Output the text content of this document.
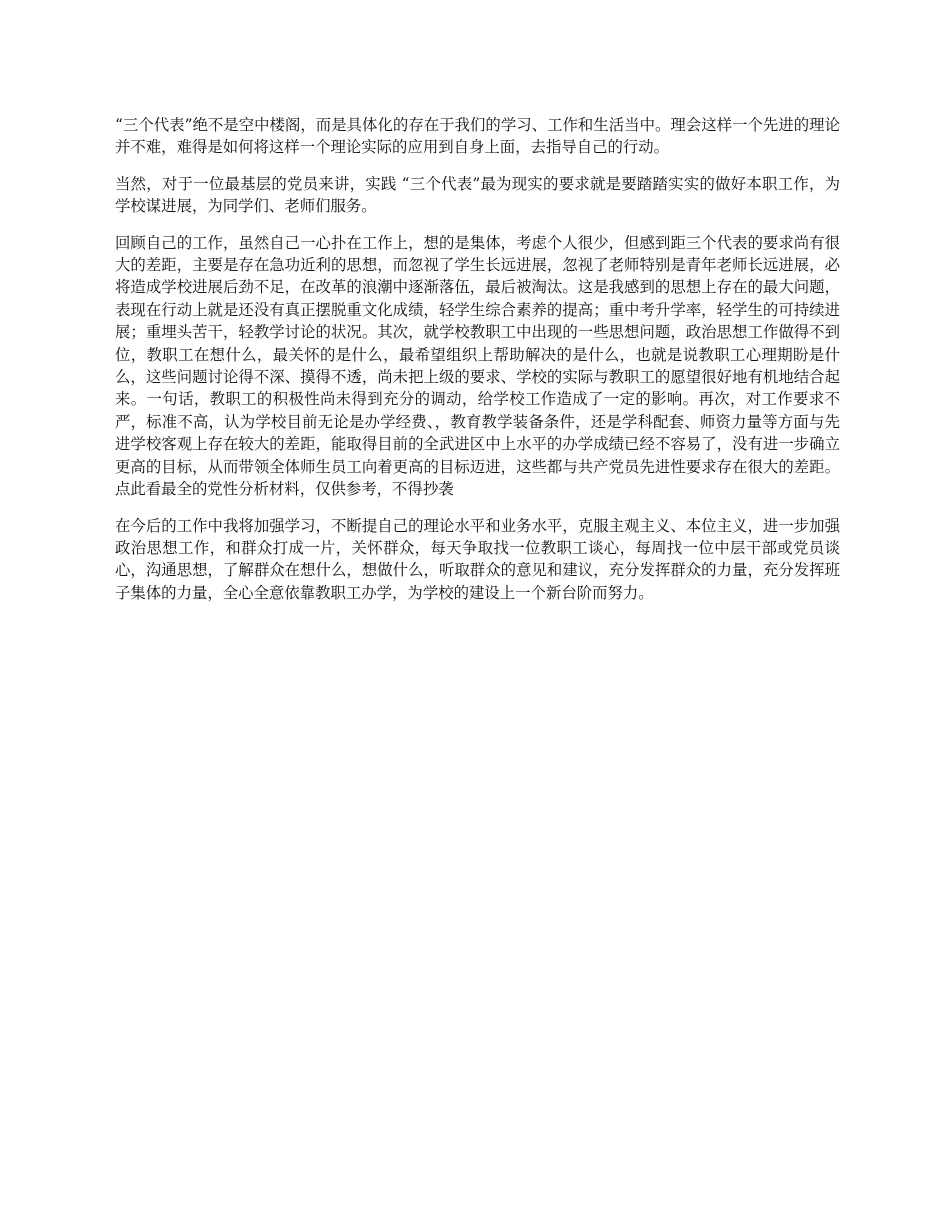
“三个代表”绝不是空中楼阁，而是具体化的存在于我们的学习、工作和生活当中。理会这样一个先进的理论并不难，难得是如何将这样一个理论实际的应用到自身上面，去指导自己的行动。

当然，对于一位最基层的党员来讲，实践 “三个代表”最为现实的要求就是要踏踏实实的做好本职工作，为学校谋进展，为同学们、老师们服务。

回顾自己的工作，虽然自己一心扑在工作上，想的是集体，考虑个人很少，但感到距三个代表的要求尚有很大的差距，主要是存在急功近利的思想，而忽视了学生长远进展，忽视了老师特别是青年老师长远进展，必将造成学校进展后劲不足，在改革的浪潮中逐渐落伍，最后被淘汰。这是我感到的思想上存在的最大问题，表现在行动上就是还没有真正摆脱重文化成绩，轻学生综合素养的提高；重中考升学率，轻学生的可持续进展；重埋头苦干，轻教学讨论的状况。其次，就学校教职工中出现的一些思想问题，政治思想工作做得不到位，教职工在想什么，最关怀的是什么，最希望组织上帮助解决的是什么，也就是说教职工心理期盼是什么，这些问题讨论得不深、摸得不透，尚未把上级的要求、学校的实际与教职工的愿望很好地有机地结合起来。一句话，教职工的积极性尚未得到充分的调动，给学校工作造成了一定的影响。再次，对工作要求不严，标准不高，认为学校目前无论是办学经费、，教育教学装备条件，还是学科配套、师资力量等方面与先进学校客观上存在较大的差距，能取得目前的全武进区中上水平的办学成绩已经不容易了，没有进一步确立更高的目标，从而带领全体师生员工向着更高的目标迈进，这些都与共产党员先进性要求存在很大的差距。点此看最全的党性分析材料，仅供参考，不得抄袭

在今后的工作中我将加强学习，不断提自己的理论水平和业务水平，克服主观主义、本位主义，进一步加强政治思想工作，和群众打成一片，关怀群众，每天争取找一位教职工谈心，每周找一位中层干部或党员谈心，沟通思想，了解群众在想什么，想做什么，听取群众的意见和建议，充分发挥群众的力量，充分发挥班子集体的力量，全心全意依靠教职工办学，为学校的建设上一个新台阶而努力。
